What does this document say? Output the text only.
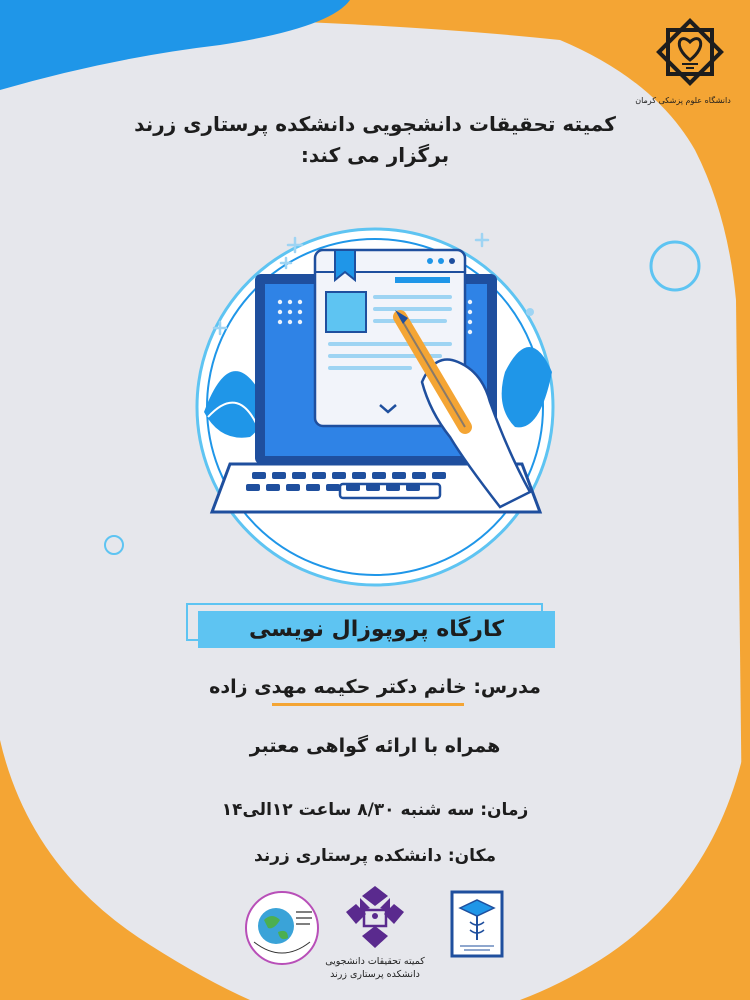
دانشگاه علوم پزشکی کرمان
کمیته تحقیقات دانشجویی دانشکده پرستاری زرند
برگزار می کند:
کارگاه پروپوزال نویسی
مدرس: خانم دکتر حکیمه مهدی زاده
همراه با ارائه گواهی معتبر
زمان: سه شنبه ۸/۳۰ ساعت ۱۲الی۱۴
مکان: دانشکده پرستاری زرند
کمیته تحقیقات دانشجویی
دانشکده پرستاری زرند
